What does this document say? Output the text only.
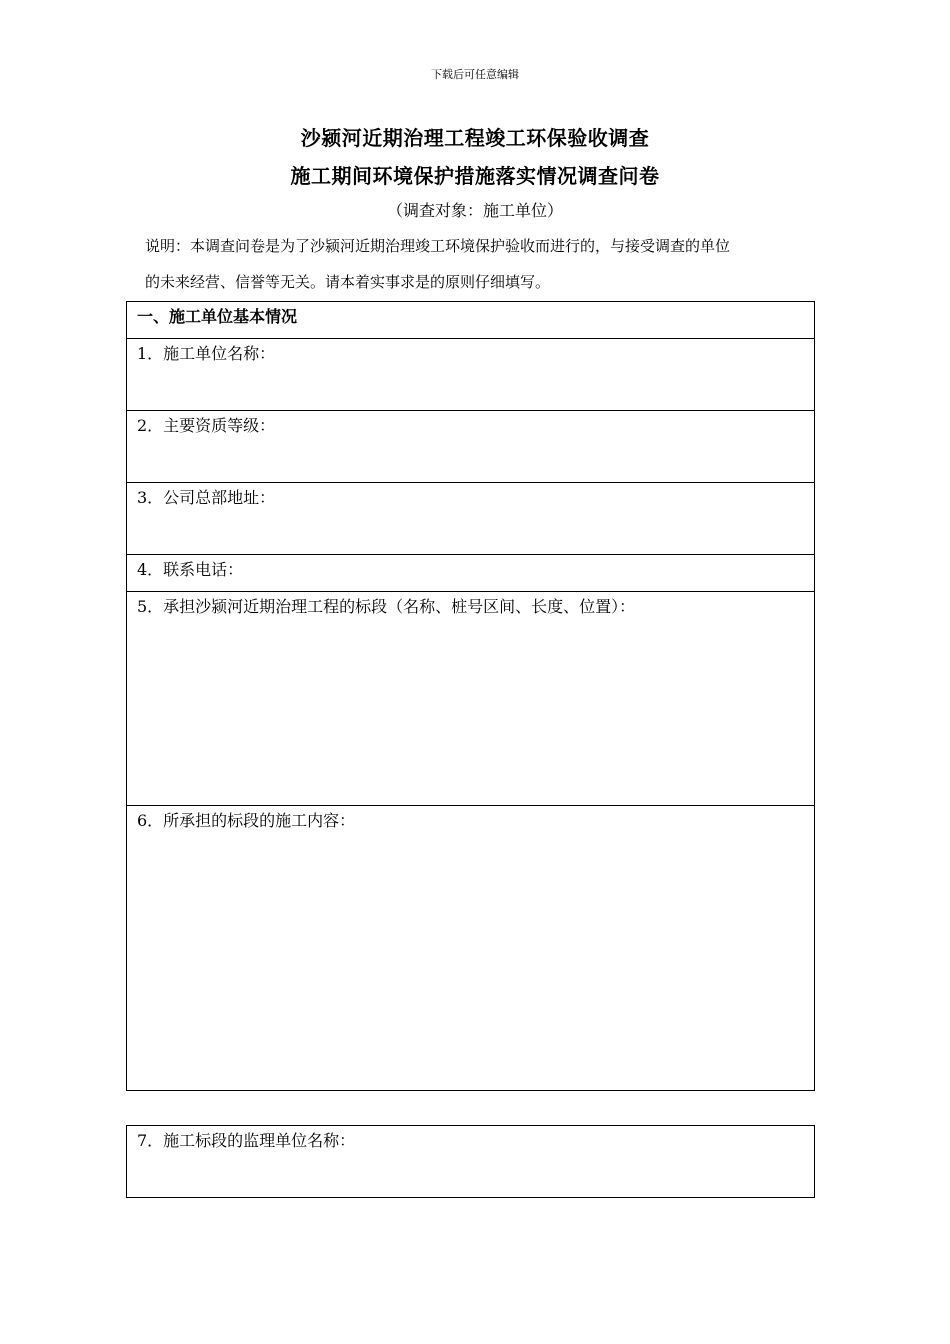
下载后可任意编辑
沙颍河近期治理工程竣工环保验收调查
施工期间环境保护措施落实情况调查问卷
（调查对象：施工单位）
说明：本调查问卷是为了沙颍河近期治理竣工环境保护验收而进行的，与接受调查的单位
的未来经营、信誉等无关。请本着实事求是的原则仔细填写。
一、施工单位基本情况
1．施工单位名称：
2．主要资质等级：
3．公司总部地址：
4．联系电话：
5．承担沙颍河近期治理工程的标段（名称、桩号区间、长度、位置）：
6．所承担的标段的施工内容：
7．施工标段的监理单位名称：
